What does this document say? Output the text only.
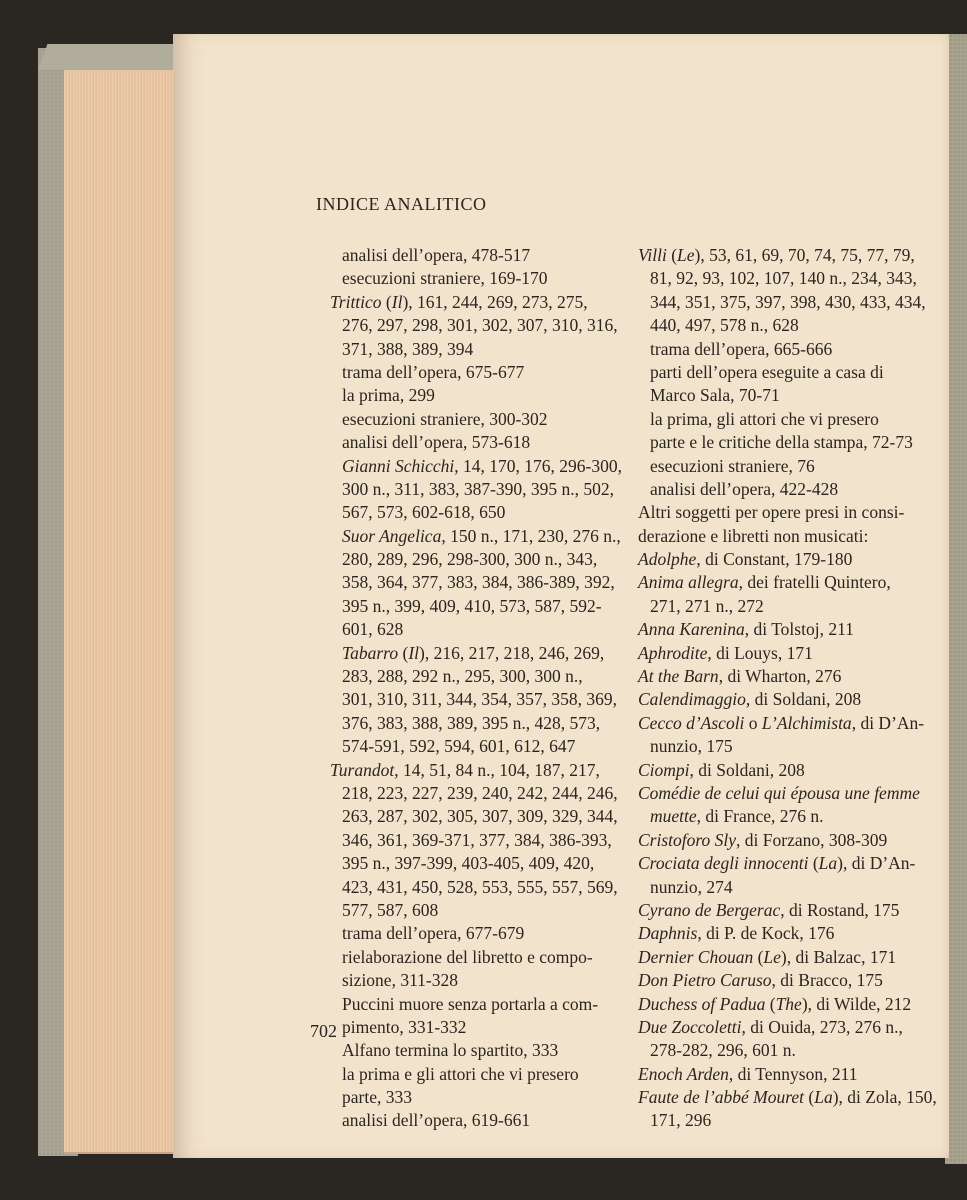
INDICE ANALITICO
analisi dell’opera, 478-517
esecuzioni straniere, 169-170
Trittico (Il), 161, 244, 269, 273, 275,
276, 297, 298, 301, 302, 307, 310, 316,
371, 388, 389, 394
trama dell’opera, 675-677
la prima, 299
esecuzioni straniere, 300-302
analisi dell’opera, 573-618
Gianni Schicchi, 14, 170, 176, 296-300,
300 n., 311, 383, 387-390, 395 n., 502,
567, 573, 602-618, 650
Suor Angelica, 150 n., 171, 230, 276 n.,
280, 289, 296, 298-300, 300 n., 343,
358, 364, 377, 383, 384, 386-389, 392,
395 n., 399, 409, 410, 573, 587, 592-
601, 628
Tabarro (Il), 216, 217, 218, 246, 269,
283, 288, 292 n., 295, 300, 300 n.,
301, 310, 311, 344, 354, 357, 358, 369,
376, 383, 388, 389, 395 n., 428, 573,
574-591, 592, 594, 601, 612, 647
Turandot, 14, 51, 84 n., 104, 187, 217,
218, 223, 227, 239, 240, 242, 244, 246,
263, 287, 302, 305, 307, 309, 329, 344,
346, 361, 369-371, 377, 384, 386-393,
395 n., 397-399, 403-405, 409, 420,
423, 431, 450, 528, 553, 555, 557, 569,
577, 587, 608
trama dell’opera, 677-679
rielaborazione del libretto e compo-
sizione, 311-328
Puccini muore senza portarla a com-
pimento, 331-332
Alfano termina lo spartito, 333
la prima e gli attori che vi presero
parte, 333
analisi dell’opera, 619-661
Villi (Le), 53, 61, 69, 70, 74, 75, 77, 79,
81, 92, 93, 102, 107, 140 n., 234, 343,
344, 351, 375, 397, 398, 430, 433, 434,
440, 497, 578 n., 628
trama dell’opera, 665-666
parti dell’opera eseguite a casa di
Marco Sala, 70-71
la prima, gli attori che vi presero
parte e le critiche della stampa, 72-73
esecuzioni straniere, 76
analisi dell’opera, 422-428
Altri soggetti per opere presi in consi-
derazione e libretti non musicati:
Adolphe, di Constant, 179-180
Anima allegra, dei fratelli Quintero,
271, 271 n., 272
Anna Karenina, di Tolstoj, 211
Aphrodite, di Louys, 171
At the Barn, di Wharton, 276
Calendimaggio, di Soldani, 208
Cecco d’Ascoli o L’Alchimista, di D’An-
nunzio, 175
Ciompi, di Soldani, 208
Comédie de celui qui épousa une femme
muette, di France, 276 n.
Cristoforo Sly, di Forzano, 308-309
Crociata degli innocenti (La), di D’An-
nunzio, 274
Cyrano de Bergerac, di Rostand, 175
Daphnis, di P. de Kock, 176
Dernier Chouan (Le), di Balzac, 171
Don Pietro Caruso, di Bracco, 175
Duchess of Padua (The), di Wilde, 212
Due Zoccoletti, di Ouida, 273, 276 n.,
278-282, 296, 601 n.
Enoch Arden, di Tennyson, 211
Faute de l’abbé Mouret (La), di Zola, 150,
171, 296
702
